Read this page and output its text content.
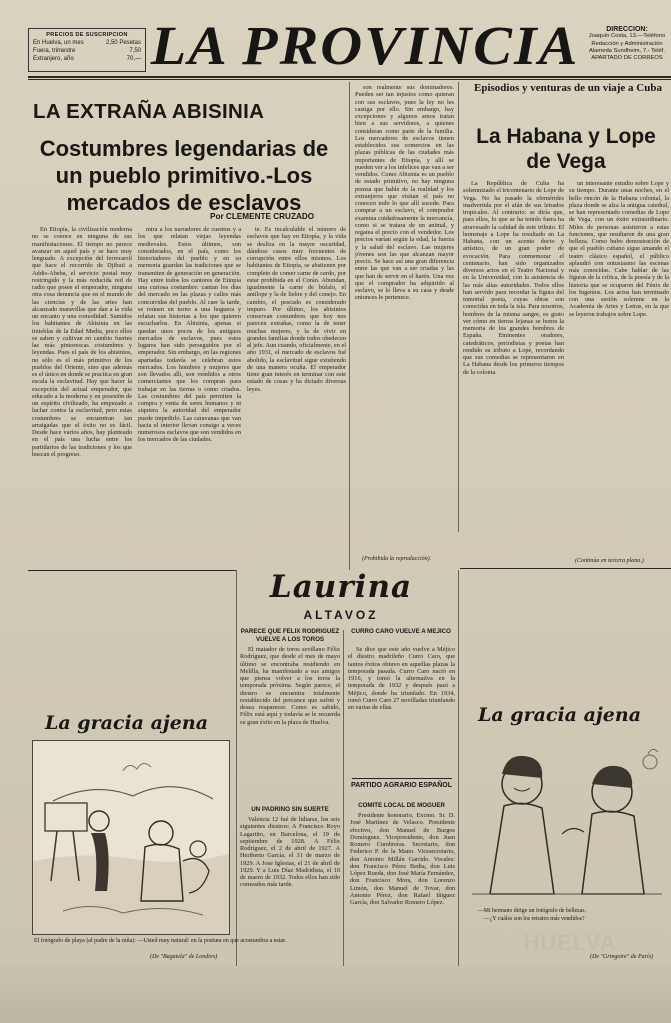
PRECIOS DE SUSCRIPCION
En Huelva, un mes	2,50 Pesetas
Fuera, trimestre	7,50
Extranjero, año	70,— LA PROVINCIA	DIRECCION:
Joaquín Costa, 13.—Teléfono
Redacción y Administración
Alameda Sundheim, 7.- Teléf.
APARTADO DE CORREOS
LA EXTRAÑA ABISINIA
Costumbres legendarias de un pueblo primitivo.-Los mercados de esclavos
Por CLEMENTE CRUZADO

En Etiopía, la civilización moderna no se conoce en ninguna de sus manifestaciones. El tiempo no parece avanzar en aquel país y se hace muy lenguado. A excepción del ferrocarril que hace el recorrido de Djibuti a Addis-Abeba, el servicio postal muy restringido y la más reducida red de radio que posee el emperador, ninguna otra cosa denuncia que en el mundo de las ciencias y de las artes han alcanzado maravillas que dan a la vida un encanto y una comodidad. Sumidos los habitantes de Abisinia en las tinieblas de la Edad Media, poco ellos se saben y cultivan en cambio fuertes las más pintorescas costumbres y leyendas. Pues el país de los abisinios, no sólo es el más primitivo de los pueblos del Oriente, sino que además es el único en donde se practica en gran escala la esclavitud. Hay que hacer la excepción del actual emperador, que educado a la moderna y en posesión de un espíritu civilizado, ha empezado a luchar contra la esclavitud, pero estas costumbres se encuentran tan arraigadas que el éxito no es fácil. Desde hace varios años, hay planteado en el país una lucha entre los partidarios de las tradiciones y los que buscan el progreso.

mira a los narradores de cuentos y a los que relatan viejas leyendas medievales. Estos últimos, son considerados, en el país, como los historiadores del pueblo y en su memoria guardan las tradiciones que se transmiten de generación en generación. Hay entre todos los cantores de Etiopía una curiosa costumbre: cantan los días del mercado en las plazas y calles más concurridas del pueblo. Al caer la tarde, se reúnen en torno a una hoguera y relatan sus historias a los que quieren escucharlos. En Abisinia, apenas si quedan unos pocos de los antiguos mercados de esclavos, pues estos lugares han sido perseguidos por el emperador. Sin embargo, en las regiones apartadas todavía se celebran estos mercados. Los hombres y mujeres que son llevados allí, son vendidos a otros comerciantes que los compran para trabajar en las tierras o como criados. Las costumbres del país permiten la compra y venta de seres humanos y ni siquiera la autoridad del emperador puede impedirlo. Las caravanas que van hacia el interior llevan consigo a veces numerosos esclavos que son vendidos en los mercados de las ciudades.

te. Es incalculable el número de esclavos que hay en Etiopía, y la vida se desliza en la mayor oscuridad, dándose casos muy frecuentes de corrupción entre ellos mismos. Los habitantes de Etiopía, se abstienen por completo de comer carne de cerdo, por estar prohibida en el Corán. Abundan, igualmente la carne de búfalo, el antílope y la de liebre y del conejo. En cambio, el pescado es considerado impuro. Por último, los abisinios conservan costumbres que hoy nos parecen extrañas, como la de tener muchas mujeres, y la de vivir en grandes familias donde todos obedecen al jefe. Aun cuando, oficialmente, en el año 1931, el mercado de esclavos fué abolido, la esclavitud sigue existiendo de una manera oculta. El emperador tiene gran interés en terminar con este estado de cosas y ha dictado diversas leyes.

son realmente sus dominadores. Pueden ser tan injustos como quieran con sus esclavos, pues la ley no les castiga por ello. Sin embargo, hay excepciones y algunos amos tratan bien a sus servidores, a quienes consideran como parte de la familia. Los mercaderes de esclavos tienen establecidos sus comercios en las plazas públicas de las ciudades más importantes de Etiopía, y allí se pueden ver a los infelices que van a ser vendidos. Como Abisinia es un pueblo de estado primitivo, no hay ninguna prensa que hable de la realidad y los extranjeros que visitan el país no conocen todo lo que allí sucede. Para comprar a un esclavo, el comprador examina cuidadosamente la mercancía, como si se tratara de un animal, y regatea el precio con el vendedor. Los precios varían según la edad, la fuerza y la salud del esclavo. Las mujeres jóvenes son las que alcanzan mayor precio. Se hace así una gran diferencia entre las que van a ser criadas y las que han de servir en el harén. Una vez que el comprador ha adquirido al esclavo, se lo lleva a su casa y desde entonces le pertenece.

(Prohibida la reproducción).
Episodios y venturas de un viaje a Cuba
La Habana y Lope de Vega

La República de Cuba ha solemnizado el tricentenario de Lope de Vega. No ha pasado la efemérides inadvertida por el afán de sus letrados tropicales. Al contrario: se diría que, para ellos, lo que se ha tenido fuera ha atravesado la calidad de este tributo. El homenaje a Lope ha resultado en La Habana, con un acento docto y artístico, de un gran poder de evocación. Para conmemorar el centenario, han sido organizados diversos actos en el Teatro Nacional y en la Universidad, con la asistencia de las más altas autoridades. Todos ellos han servido para recordar la figura del inmortal poeta, cuyas obras son conocidas en toda la isla. Para nosotros, hombres de la misma sangre, es grato ver cómo en tierras lejanas se honra la memoria de los grandes hombres de España. Eminentes oradores, catedráticos, periodistas y poetas han rendido su tributo a Lope, recordando que sus comedias se representaron en La Habana desde los primeros tiempos de la colonia.

un interesante estudio sobre Lope y su tiempo. Durante unas noches, en el bello rincón de la Habana colonial, la plaza donde se alza la antigua catedral, se han representado comedias de Lope de Vega, con un éxito extraordinario. Miles de personas asistieron a estas funciones, que resultaron de una gran belleza. Como hubo demostración de que el pueblo cubano sigue amando el teatro clásico español, el público aplaudió con entusiasmo las escenas más conocidas. Cabe hablar de las figuras de la crítica, de la poesía y de la historia que se ocuparon del Fénix de los Ingenios. Los actos han terminado con una sesión solemne en la Academia de Artes y Letras, en la que se leyeron trabajos sobre Lope.

(Continúa en tercera plana.)
Laurina
ALTAVOZ
PARECE QUE FELIX RODRIGUEZ VUELVE A LOS TOROS

El matador de toros sevillano Félix Rodríguez, que desde el mes de mayo último se encontraba residiendo en Melilla, ha manifestado a sus amigos que piensa volver a los toros la temporada próxima. Según parece, el diestro se encuentra totalmente restablecido del percance que sufrió y desea reaparecer. Como es sabido, Félix está aquí y todavía se le recuerda su gran éxito en la plaza de Huelva.

UN PADRINO SIN SUERTE

Valencia 12 fué de lidiarse, los seis siguientes diestros: A Francisco Royo Lagartito, en Barcelona, el 19 de septiembre de 1928. A Félix Rodríguez, el 2 de abril de 1927. A Heriberto García, el 31 de marzo de 1929. A Jose Iglesias, el 21 de abril de 1929. Y a Luis Díaz Madridista, el 10 de marzo de 1932. Todos ellos han sido corneados más tarde.

CURRO CARO VUELVE A MEJICO

Se dice que este año vuelve a Méjico el diestro madrileño Curro Caro, que tantos éxitos obtuvo en aquellas plazas la temporada pasada. Curro Caro nació en 1916, y tomó la alternativa en la temporada de 1932 y después pasó a Méjico, donde ha triunfado. En 1934, tomó Curro Caro 27 novilladas triunfando en varias de ellas.

PARTIDO AGRARIO ESPAÑOL
COMITE LOCAL DE MOGUER

Presidente honorario, Excmo. Sr. D. José Martínez de Velasco. Presidente efectivo, don Manuel de Burgos Domínguez. Vicepresidente, don Juan Romero Cumbreras. Secretario, don Federico P. de la Mano. Vicesecretario, don Antonio Millán Garrido. Vocales: don Francisco Pérez Bedia, don Luis López Rueda, don José María Fernández, don Francisco Mora, don Lorenzo Limón, don Manuel de Tovar, don Antonio Pérez, don Rafael Iñiguez García, don Salvador Romero López.

La gracia ajena
El fotógrafo de playa (al padre de la niña): —Usted muy natural: en la postura en que acostumbra a estar.
(De "Bagatela" de Londres)
La gracia ajena
—Mi hermano dirige un fotógrafo de bellezas.
—¿Y cuáles son los retratos más vendidos?
(De "Gringoire" de París)
HUELVA
